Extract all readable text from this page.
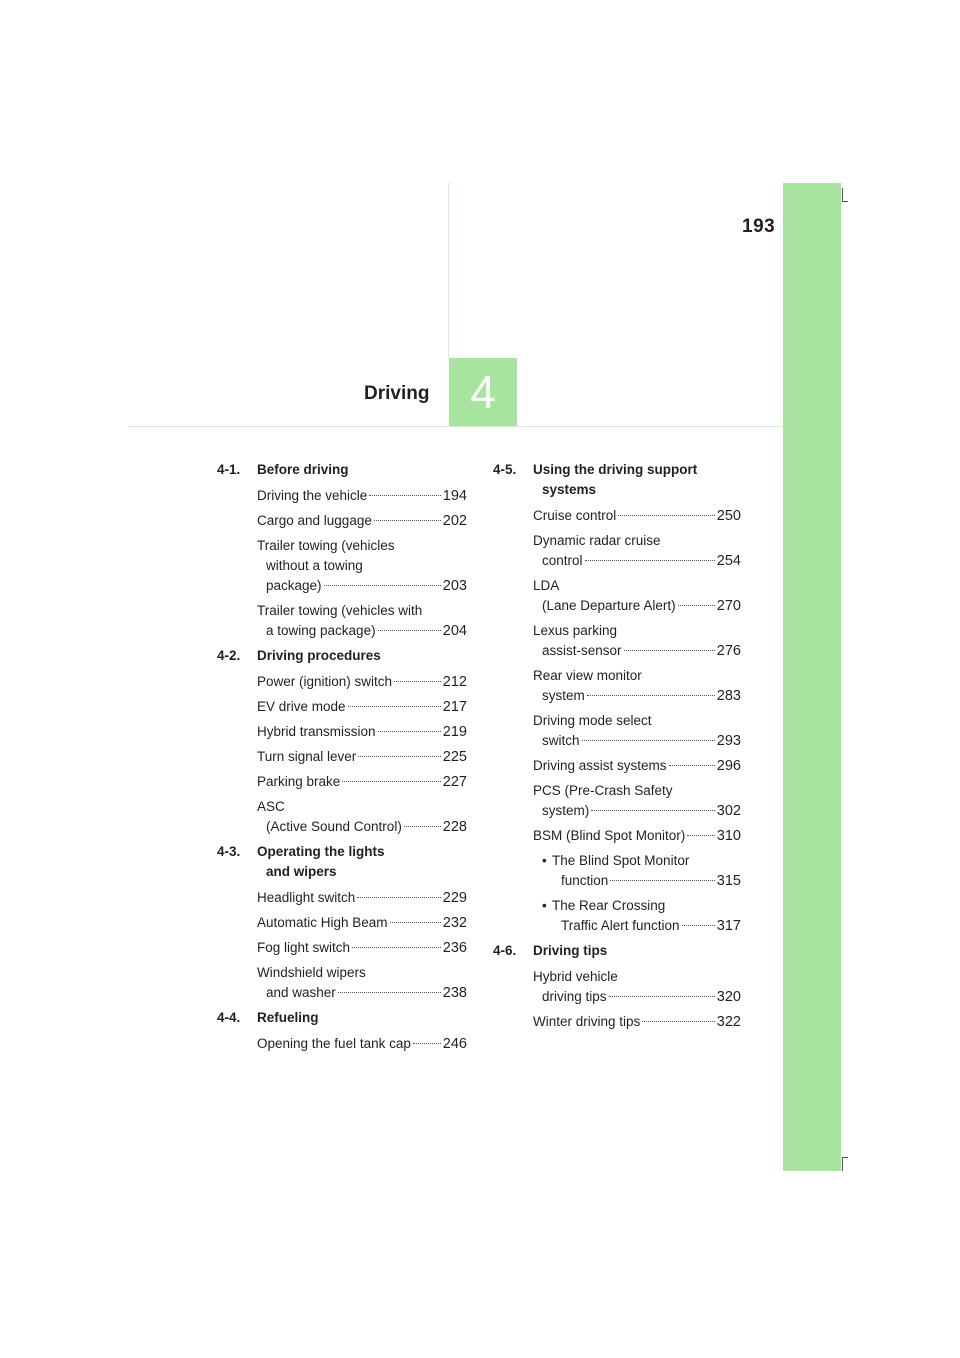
193
Driving 4
4-1. Before driving
Driving the vehicle	194
Cargo and luggage	202
Trailer towing (vehicles
without a towing
package)	203
Trailer towing (vehicles with
a towing package)	204
4-2. Driving procedures
Power (ignition) switch	212
EV drive mode	217
Hybrid transmission	219
Turn signal lever	225
Parking brake	227
ASC
(Active Sound Control)	228
4-3. Operating the lights
and wipers
Headlight switch	229
Automatic High Beam	232
Fog light switch	236
Windshield wipers
and washer	238
4-4. Refueling
Opening the fuel tank cap 246
4-5. Using the driving support
systems
Cruise control	250
Dynamic radar cruise
control	254
LDA
(Lane Departure Alert)	270
Lexus parking
assist-sensor	276
Rear view monitor
system	283
Driving mode select
switch	293
Driving assist systems	296
PCS (Pre-Crash Safety
system)	302
BSM (Blind Spot Monitor) 310
• The Blind Spot Monitor
function	315
• The Rear Crossing
Traffic Alert function	317
4-6. Driving tips
Hybrid vehicle
driving tips	320
Winter driving tips	322
